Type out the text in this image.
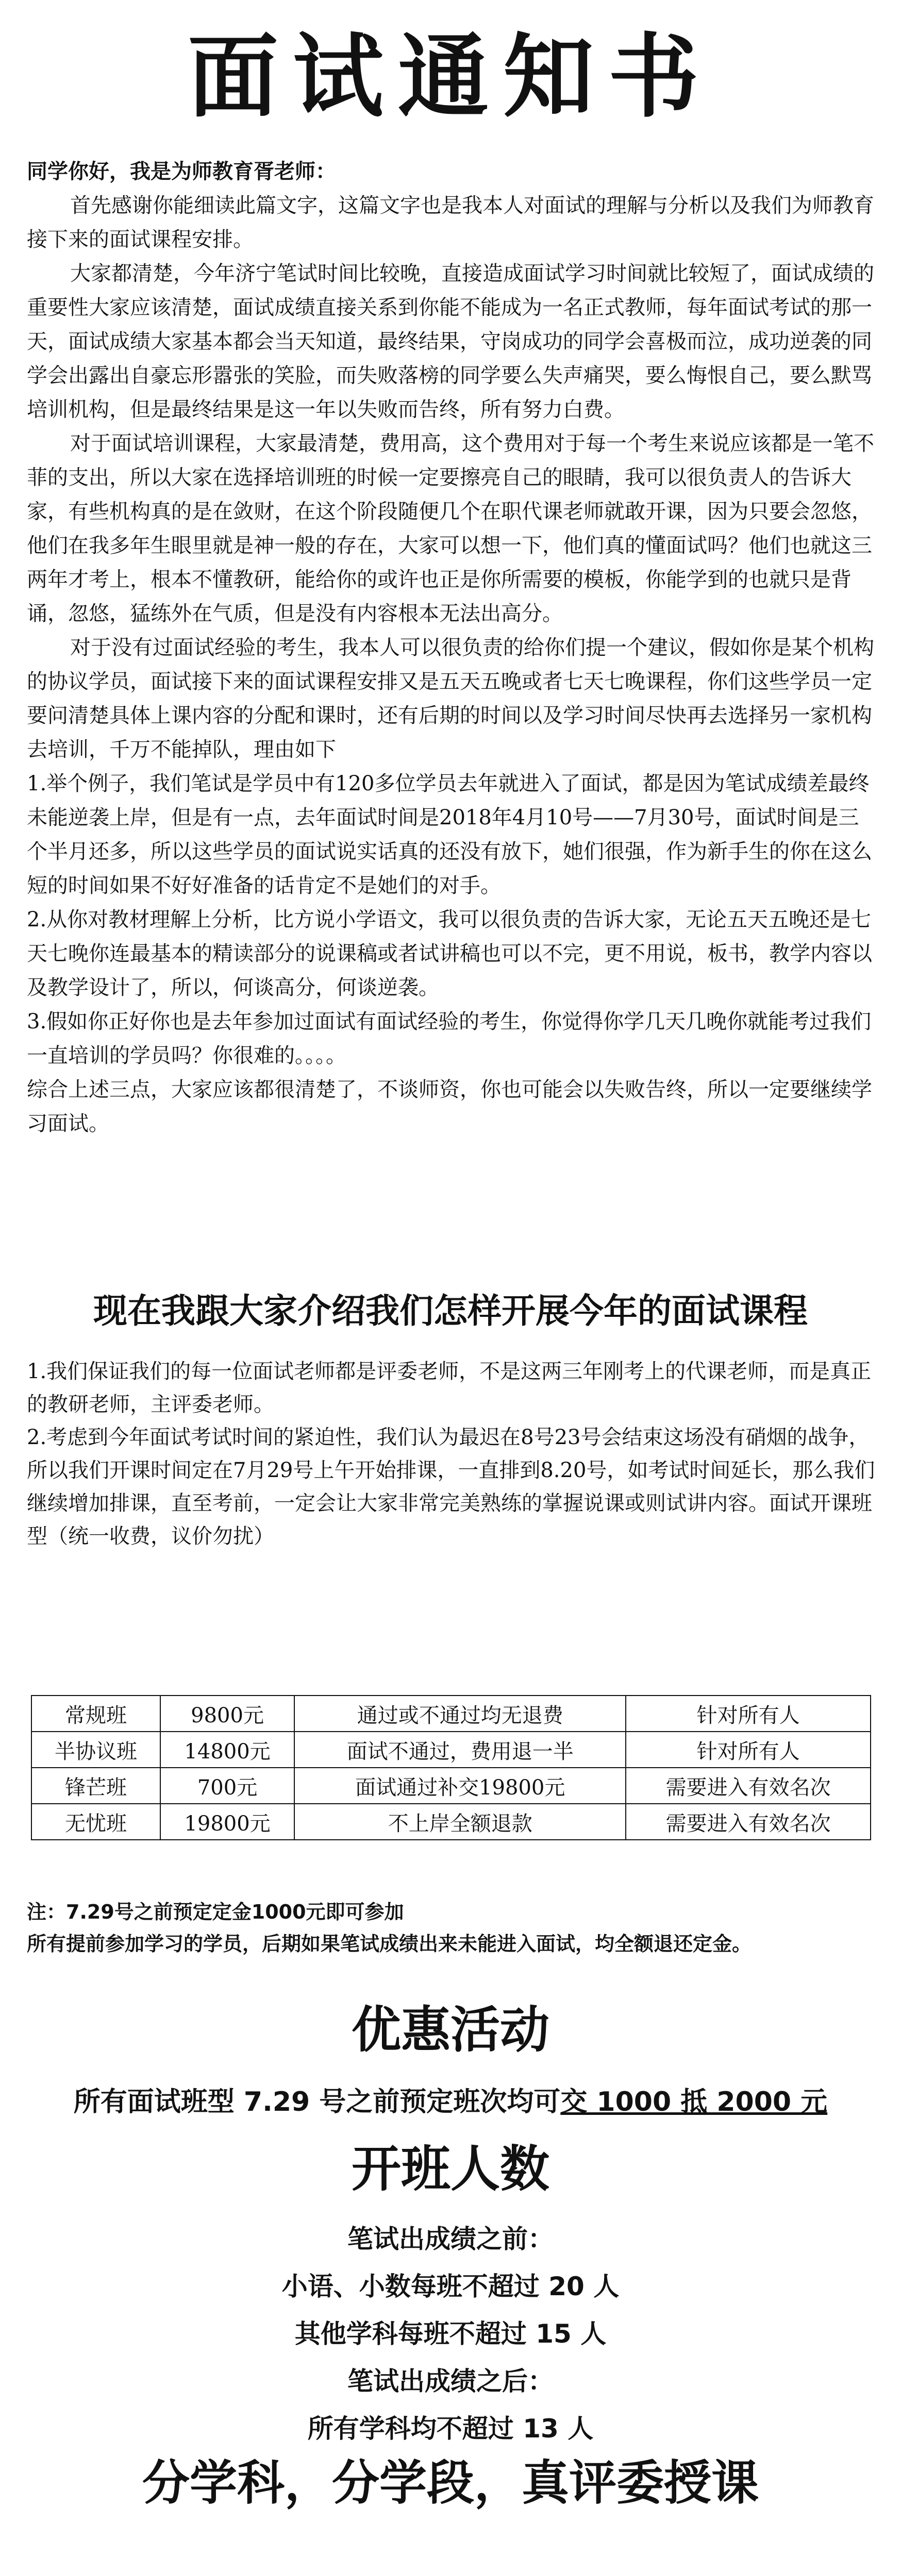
面试通知书

同学你好，我是为师教育胥老师：

首先感谢你能细读此篇文字，这篇文字也是我本人对面试的理解与分析以及我们为师教育接下来的面试课程安排。

大家都清楚，今年济宁笔试时间比较晚，直接造成面试学习时间就比较短了，面试成绩的重要性大家应该清楚，面试成绩直接关系到你能不能成为一名正式教师，每年面试考试的那一天，面试成绩大家基本都会当天知道，最终结果，守岗成功的同学会喜极而泣，成功逆袭的同学会出露出自豪忘形嚣张的笑脸，而失败落榜的同学要么失声痛哭，要么悔恨自己，要么默骂培训机构，但是最终结果是这一年以失败而告终，所有努力白费。

对于面试培训课程，大家最清楚，费用高，这个费用对于每一个考生来说应该都是一笔不菲的支出，所以大家在选择培训班的时候一定要擦亮自己的眼睛，我可以很负责人的告诉大家，有些机构真的是在敛财，在这个阶段随便几个在职代课老师就敢开课，因为只要会忽悠，他们在我多年生眼里就是神一般的存在，大家可以想一下，他们真的懂面试吗？他们也就这三两年才考上，根本不懂教研，能给你的或许也正是你所需要的模板，你能学到的也就只是背诵，忽悠，猛练外在气质，但是没有内容根本无法出高分。

对于没有过面试经验的考生，我本人可以很负责的给你们提一个建议，假如你是某个机构的协议学员，面试接下来的面试课程安排又是五天五晚或者七天七晚课程，你们这些学员一定要问清楚具体上课内容的分配和课时，还有后期的时间以及学习时间尽快再去选择另一家机构去培训，千万不能掉队，理由如下

1.举个例子，我们笔试是学员中有120多位学员去年就进入了面试，都是因为笔试成绩差最终未能逆袭上岸，但是有一点，去年面试时间是2018年4月10号——7月30号，面试时间是三个半月还多，所以这些学员的面试说实话真的还没有放下，她们很强，作为新手生的你在这么短的时间如果不好好准备的话肯定不是她们的对手。

2.从你对教材理解上分析，比方说小学语文，我可以很负责的告诉大家，无论五天五晚还是七天七晚你连最基本的精读部分的说课稿或者试讲稿也可以不完，更不用说，板书，教学内容以及教学设计了，所以，何谈高分，何谈逆袭。

3.假如你正好你也是去年参加过面试有面试经验的考生，你觉得你学几天几晚你就能考过我们一直培训的学员吗？你很难的。。。。

综合上述三点，大家应该都很清楚了，不谈师资，你也可能会以失败告终，所以一定要继续学习面试。

现在我跟大家介绍我们怎样开展今年的面试课程

1.我们保证我们的每一位面试老师都是评委老师，不是这两三年刚考上的代课老师，而是真正的教研老师，主评委老师。

2.考虑到今年面试考试时间的紧迫性，我们认为最迟在8号23号会结束这场没有硝烟的战争，所以我们开课时间定在7月29号上午开始排课，一直排到8.20号，如考试时间延长，那么我们继续增加排课，直至考前，一定会让大家非常完美熟练的掌握说课或则试讲内容。面试开课班型（统一收费，议价勿扰）

常规班	9800元	通过或不通过均无退费	针对所有人
半协议班	14800元	面试不通过，费用退一半	针对所有人
锋芒班	700元	面试通过补交19800元	需要进入有效名次
无忧班	19800元	不上岸全额退款	需要进入有效名次

注：7.29号之前预定定金1000元即可参加

所有提前参加学习的学员，后期如果笔试成绩出来未能进入面试，均全额退还定金。

优惠活动
所有面试班型 7.29 号之前预定班次均可交 1000 抵 2000 元
开班人数

笔试出成绩之前：

小语、小数每班不超过 20 人

其他学科每班不超过 15 人

笔试出成绩之后：

所有学科均不超过 13 人

分学科，分学段，真评委授课
